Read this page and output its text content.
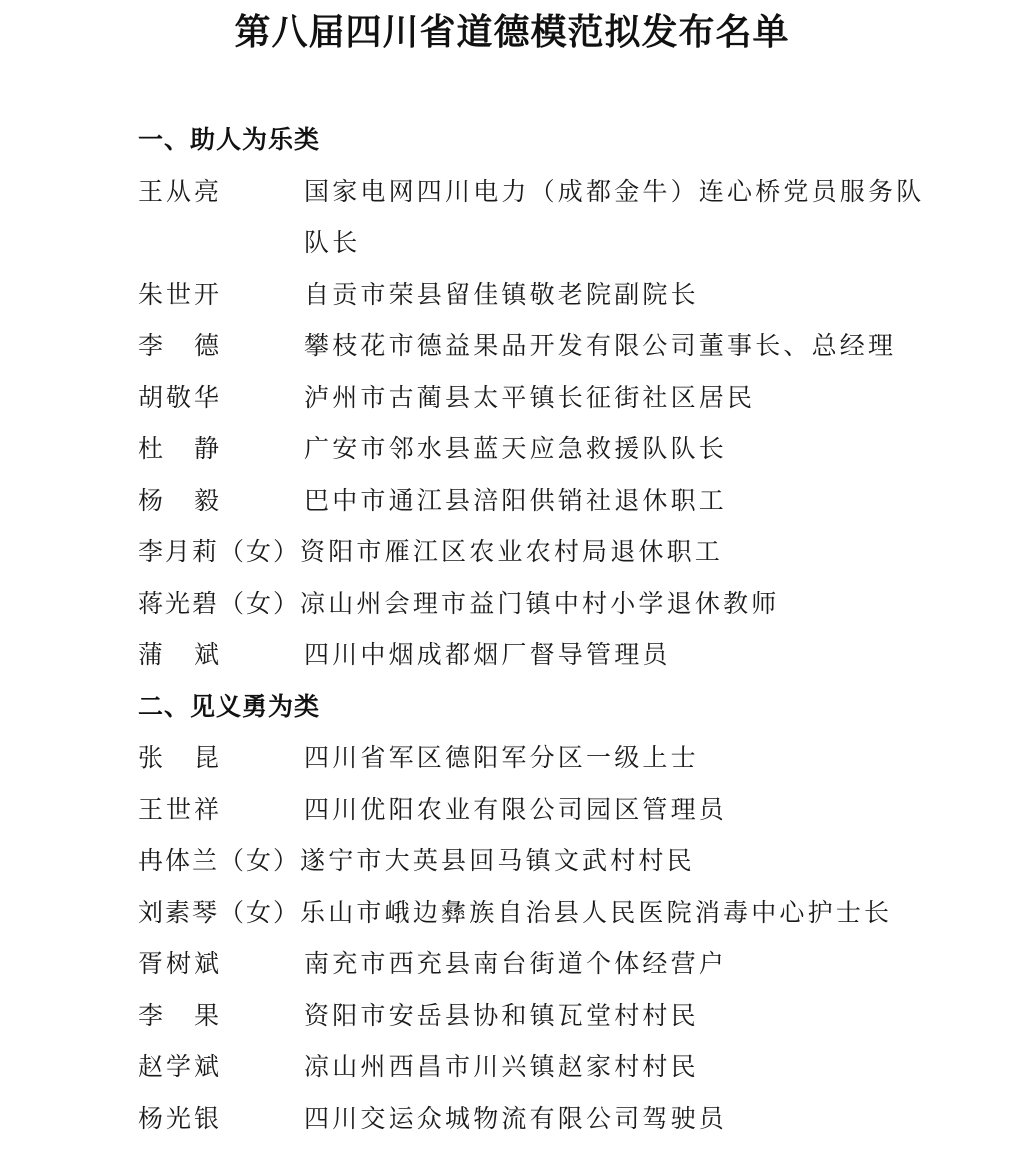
第八届四川省道德模范拟发布名单
一、助人为乐类
王从亮	国家电网四川电力（成都金牛）连心桥党员服务队队长
朱世开	自贡市荣县留佳镇敬老院副院长
李　德	攀枝花市德益果品开发有限公司董事长、总经理
胡敬华	泸州市古蔺县太平镇长征街社区居民
杜　静	广安市邻水县蓝天应急救援队队长
杨　毅	巴中市通江县涪阳供销社退休职工
李月莉（女） 资阳市雁江区农业农村局退休职工
蒋光碧（女） 凉山州会理市益门镇中村小学退休教师
蒲　斌	四川中烟成都烟厂督导管理员
二、见义勇为类
张　昆	四川省军区德阳军分区一级上士
王世祥	四川优阳农业有限公司园区管理员
冉体兰（女） 遂宁市大英县回马镇文武村村民
刘素琴（女） 乐山市峨边彝族自治县人民医院消毒中心护士长
胥树斌	南充市西充县南台街道个体经营户
李　果	资阳市安岳县协和镇瓦堂村村民
赵学斌	凉山州西昌市川兴镇赵家村村民
杨光银	四川交运众城物流有限公司驾驶员
